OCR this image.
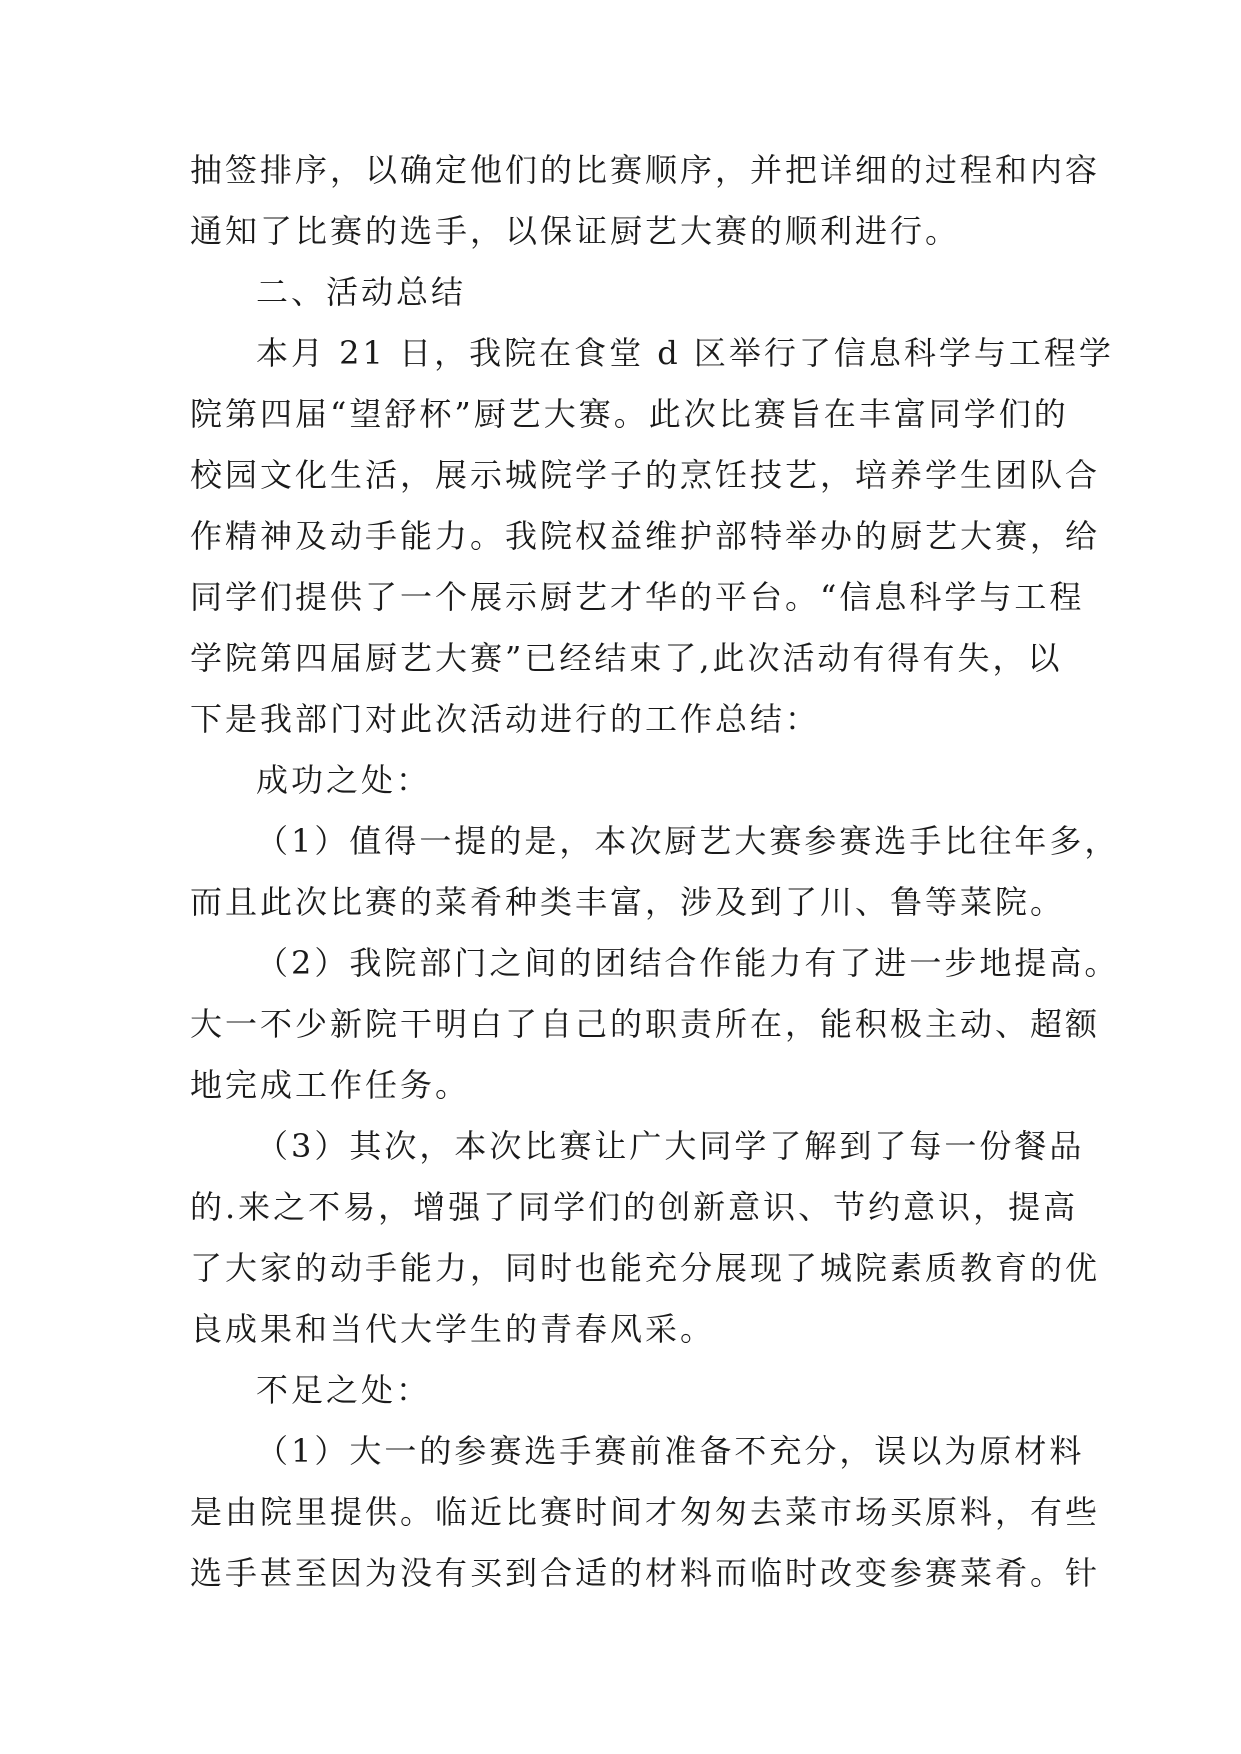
抽签排序，以确定他们的比赛顺序，并把详细的过程和内容
通知了比赛的选手，以保证厨艺大赛的顺利进行。
二、活动总结
本月 21 日，我院在食堂 d 区举行了信息科学与工程学
院第四届“望舒杯”厨艺大赛。此次比赛旨在丰富同学们的
校园文化生活，展示城院学子的烹饪技艺，培养学生团队合
作精神及动手能力。我院权益维护部特举办的厨艺大赛，给
同学们提供了一个展示厨艺才华的平台。“信息科学与工程
学院第四届厨艺大赛”已经结束了,此次活动有得有失，以
下是我部门对此次活动进行的工作总结：
成功之处：
（1）值得一提的是，本次厨艺大赛参赛选手比往年多，
而且此次比赛的菜肴种类丰富，涉及到了川、鲁等菜院。
（2）我院部门之间的团结合作能力有了进一步地提高。
大一不少新院干明白了自己的职责所在，能积极主动、超额
地完成工作任务。
（3）其次，本次比赛让广大同学了解到了每一份餐品
的.来之不易，增强了同学们的创新意识、节约意识，提高
了大家的动手能力，同时也能充分展现了城院素质教育的优
良成果和当代大学生的青春风采。
不足之处：
（1）大一的参赛选手赛前准备不充分，误以为原材料
是由院里提供。临近比赛时间才匆匆去菜市场买原料，有些
选手甚至因为没有买到合适的材料而临时改变参赛菜肴。针
